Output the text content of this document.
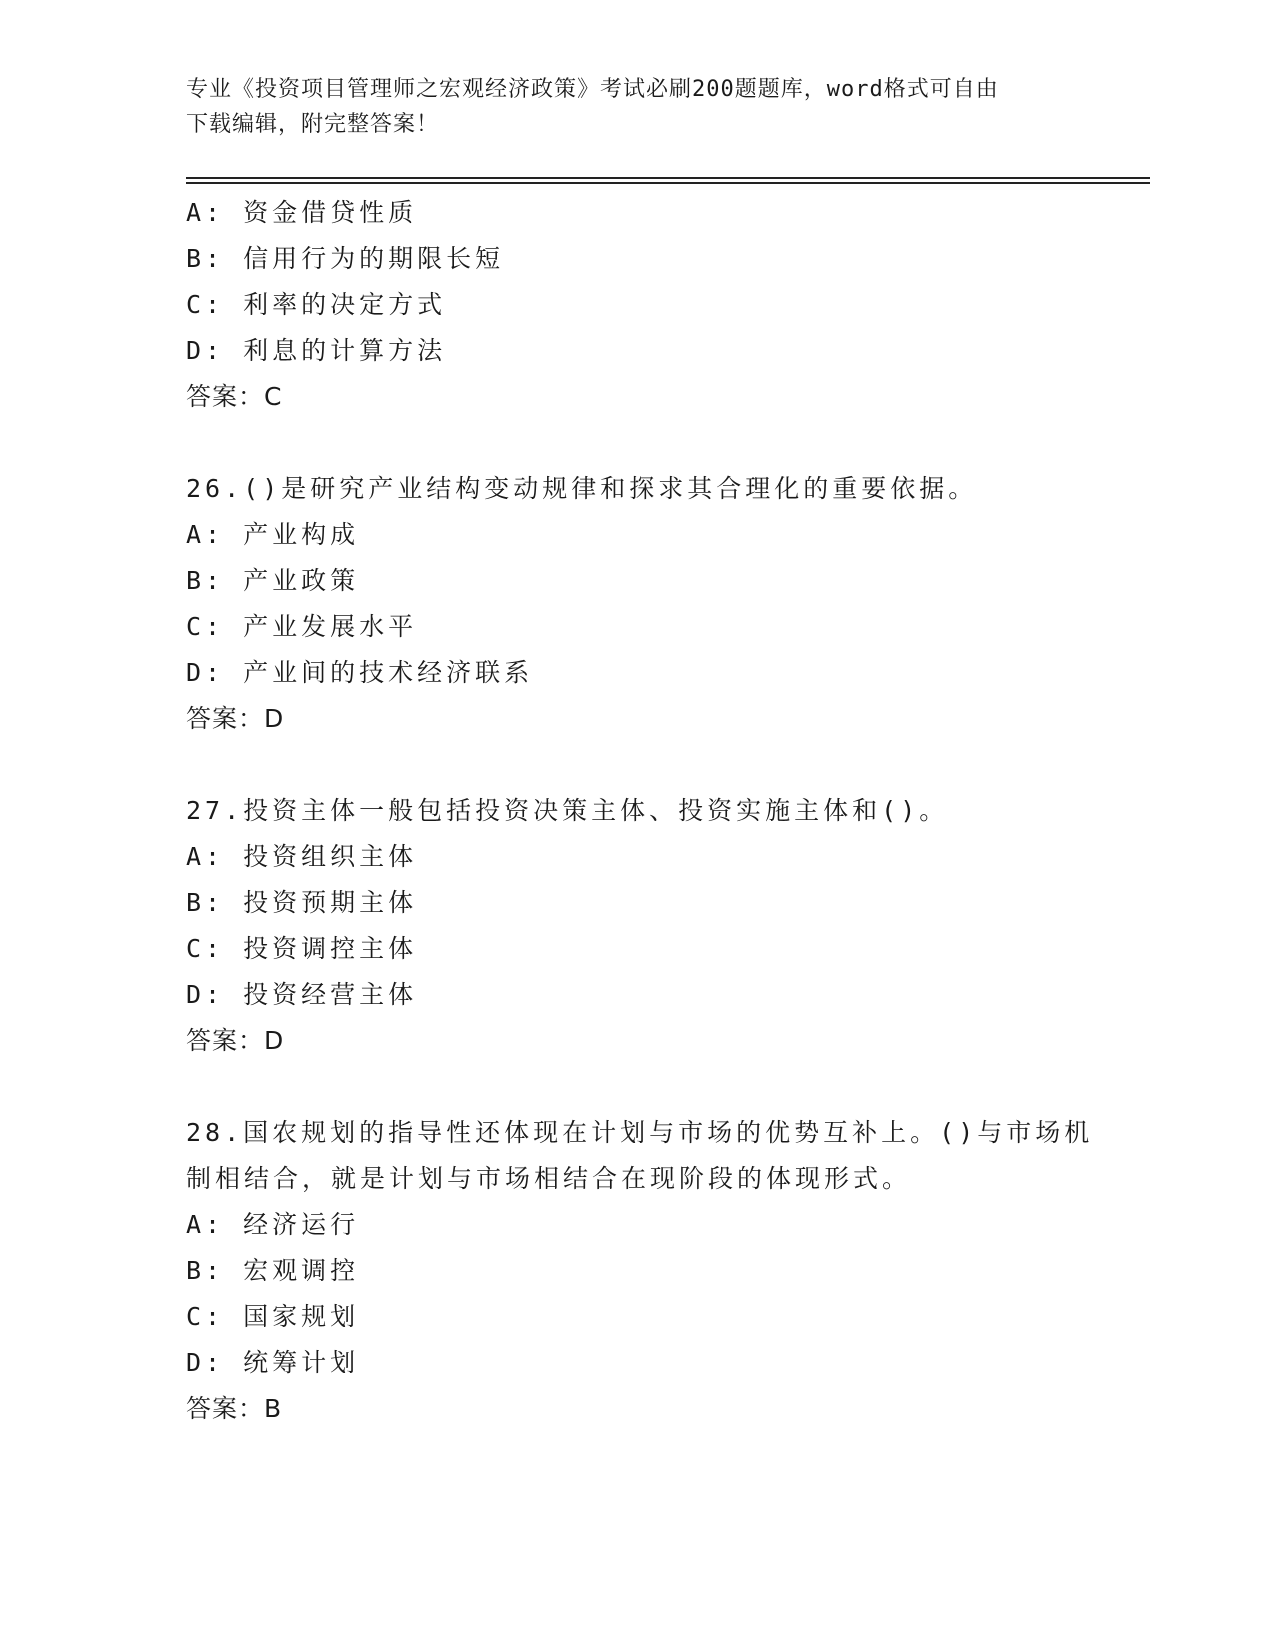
专业《投资项目管理师之宏观经济政策》考试必刷200题题库，word格式可自由
下载编辑，附完整答案！
A: 资金借贷性质
B: 信用行为的期限长短
C: 利率的决定方式
D: 利息的计算方法
答案：C
26.()是研究产业结构变动规律和探求其合理化的重要依据。
A: 产业构成
B: 产业政策
C: 产业发展水平
D: 产业间的技术经济联系
答案：D
27.投资主体一般包括投资决策主体、投资实施主体和()。
A: 投资组织主体
B: 投资预期主体
C: 投资调控主体
D: 投资经营主体
答案：D
28.国农规划的指导性还体现在计划与市场的优势互补上。()与市场机
制相结合，就是计划与市场相结合在现阶段的体现形式。
A: 经济运行
B: 宏观调控
C: 国家规划
D: 统筹计划
答案：B
